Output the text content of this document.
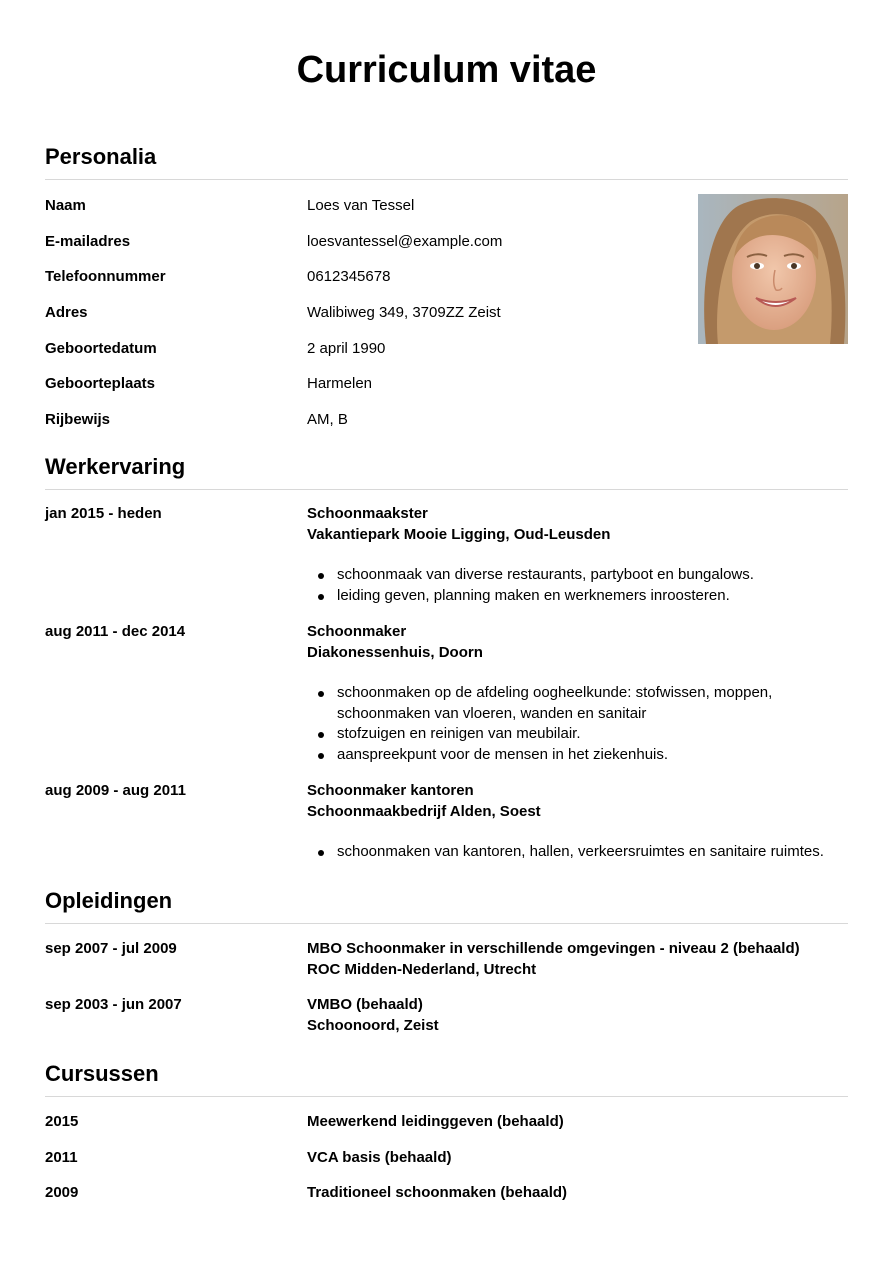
Curriculum vitae
Personalia
Naam	Loes van Tessel
E-mailadres	loesvantessel@example.com
Telefoonnummer	0612345678
Adres	Walibiweg 349, 3709ZZ Zeist
Geboortedatum	2 april 1990
Geboorteplaats	Harmelen
Rijbewijs	AM, B
Werkervaring
jan 2015 - heden	Schoonmaakster
Vakantiepark Mooie Ligging, Oud-Leusden
schoonmaak van diverse restaurants, partyboot en bungalows.
leiding geven, planning maken en werknemers inroosteren.
aug 2011 - dec 2014	Schoonmaker
Diakonessenhuis, Doorn
schoonmaken op de afdeling oogheelkunde: stofwissen, moppen, schoonmaken van vloeren, wanden en sanitair
stofzuigen en reinigen van meubilair.
aanspreekpunt voor de mensen in het ziekenhuis.
aug 2009 - aug 2011	Schoonmaker kantoren
Schoonmaakbedrijf Alden, Soest
schoonmaken van kantoren, hallen, verkeersruimtes en sanitaire ruimtes.
Opleidingen
sep 2007 - jul 2009	MBO Schoonmaker in verschillende omgevingen - niveau 2 (behaald)
ROC Midden-Nederland, Utrecht
sep 2003 - jun 2007	VMBO (behaald)
Schoonoord, Zeist
Cursussen
2015	Meewerkend leidinggeven (behaald)
2011	VCA basis (behaald)
2009	Traditioneel schoonmaken (behaald)
